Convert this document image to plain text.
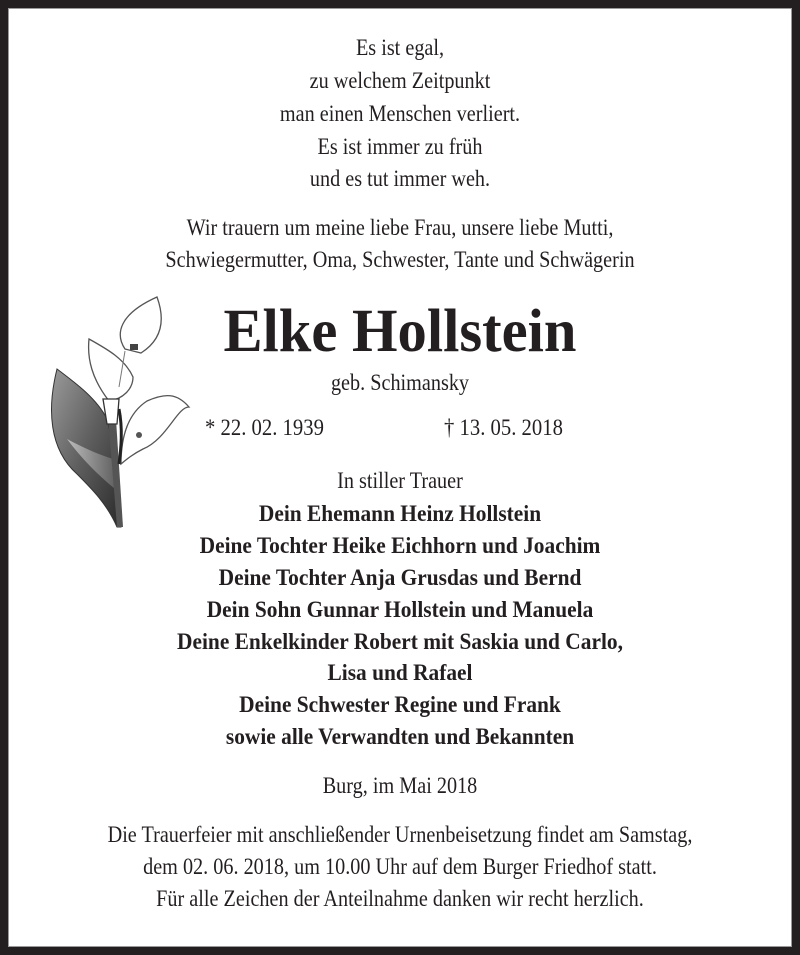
Es ist egal,
zu welchem Zeitpunkt
man einen Menschen verliert.
Es ist immer zu früh
und es tut immer weh.
Wir trauern um meine liebe Frau, unsere liebe Mutti,
Schwiegermutter, Oma, Schwester, Tante und Schwägerin
Elke Hollstein
geb. Schimansky
* 22. 02. 1939	† 13. 05. 2018
In stiller Trauer
Dein Ehemann Heinz Hollstein
Deine Tochter Heike Eichhorn und Joachim
Deine Tochter Anja Grusdas und Bernd
Dein Sohn Gunnar Hollstein und Manuela
Deine Enkelkinder Robert mit Saskia und Carlo,
Lisa und Rafael
Deine Schwester Regine und Frank
sowie alle Verwandten und Bekannten
Burg, im Mai 2018
Die Trauerfeier mit anschließender Urnenbeisetzung findet am Samstag,
dem 02. 06. 2018, um 10.00 Uhr auf dem Burger Friedhof statt.
Für alle Zeichen der Anteilnahme danken wir recht herzlich.
